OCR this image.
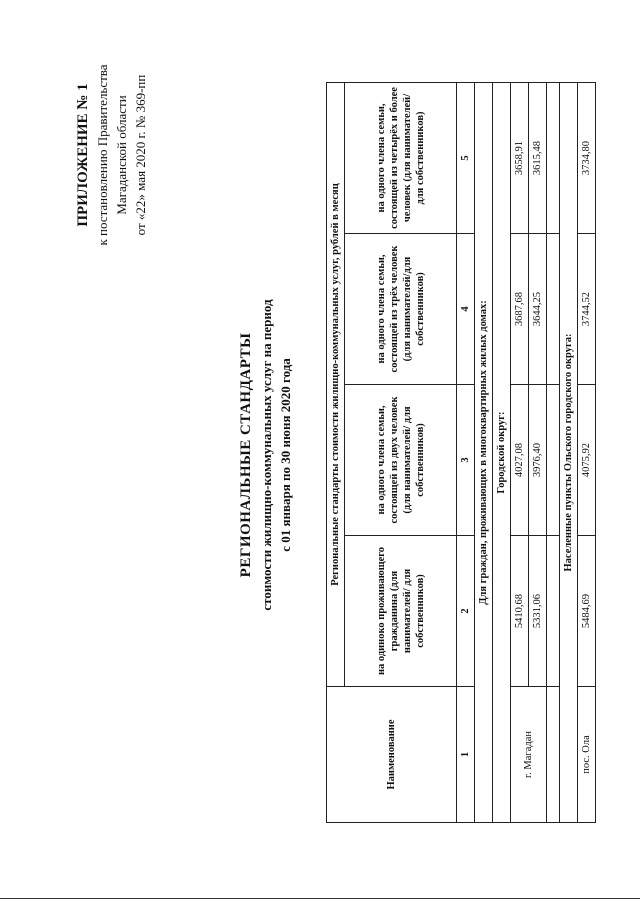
ПРИЛОЖЕНИЕ № 1 к постановлению Правительства Магаданской области от «22» мая 2020 г. № 369-пп
РЕГИОНАЛЬНЫЕ СТАНДАРТЫ стоимости жилищно-коммунальных услуг на период с 01 января по 30 июня 2020 года
Наименование	Региональные стандарты стоимости жилищно-коммунальных услуг, рублей в месяц			
	на одиноко проживающего гражданина (для нанимателей/ для собственников)	на одного члена семьи, состоящей из двух человек (для нанимателей/ для собственников)	на одного члена семьи, состоящей из трёх человек (для нанимателей/для собственников)	на одного члена семьи, состоящей из четырёх и более человек (для нанимателей/для собственников)
1	2	3	4	5
Для граждан, проживающих в многоквартирных жилых домах:				
Городской округ:				
г. Магадан	5410,68	4027,08	3687,68	3658,91
	5331,06	3976,40	3644,25	3615,48

Населенные пункты Ольского городского округа:				
пос. Ола	5484,69	4075,92	3744,52	3734,80
